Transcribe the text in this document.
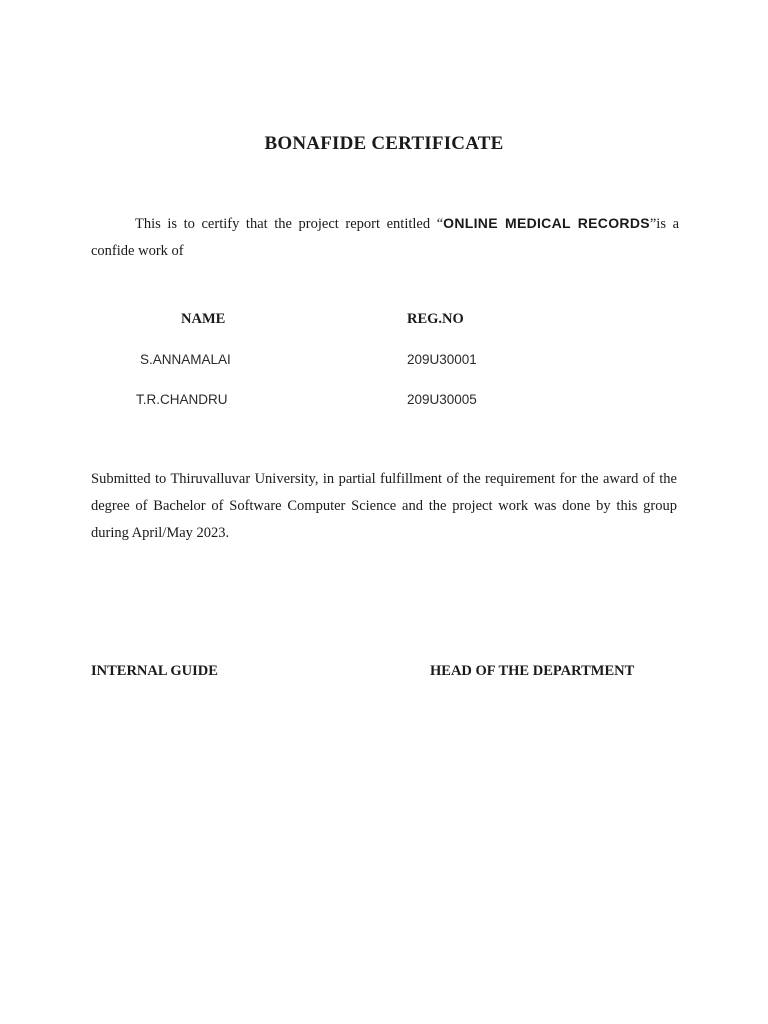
BONAFIDE CERTIFICATE
This is to certify that the project report entitled “ONLINE MEDICAL RECORDS”is a confide work of
NAME	REG.NO
S.ANNAMALAI	209U30001
T.R.CHANDRU	209U30005
Submitted to Thiruvalluvar University, in partial fulfillment of the requirement for the award of the degree of Bachelor of Software Computer Science and the project work was done by this group during April/May 2023.
INTERNAL GUIDE	HEAD OF THE DEPARTMENT
